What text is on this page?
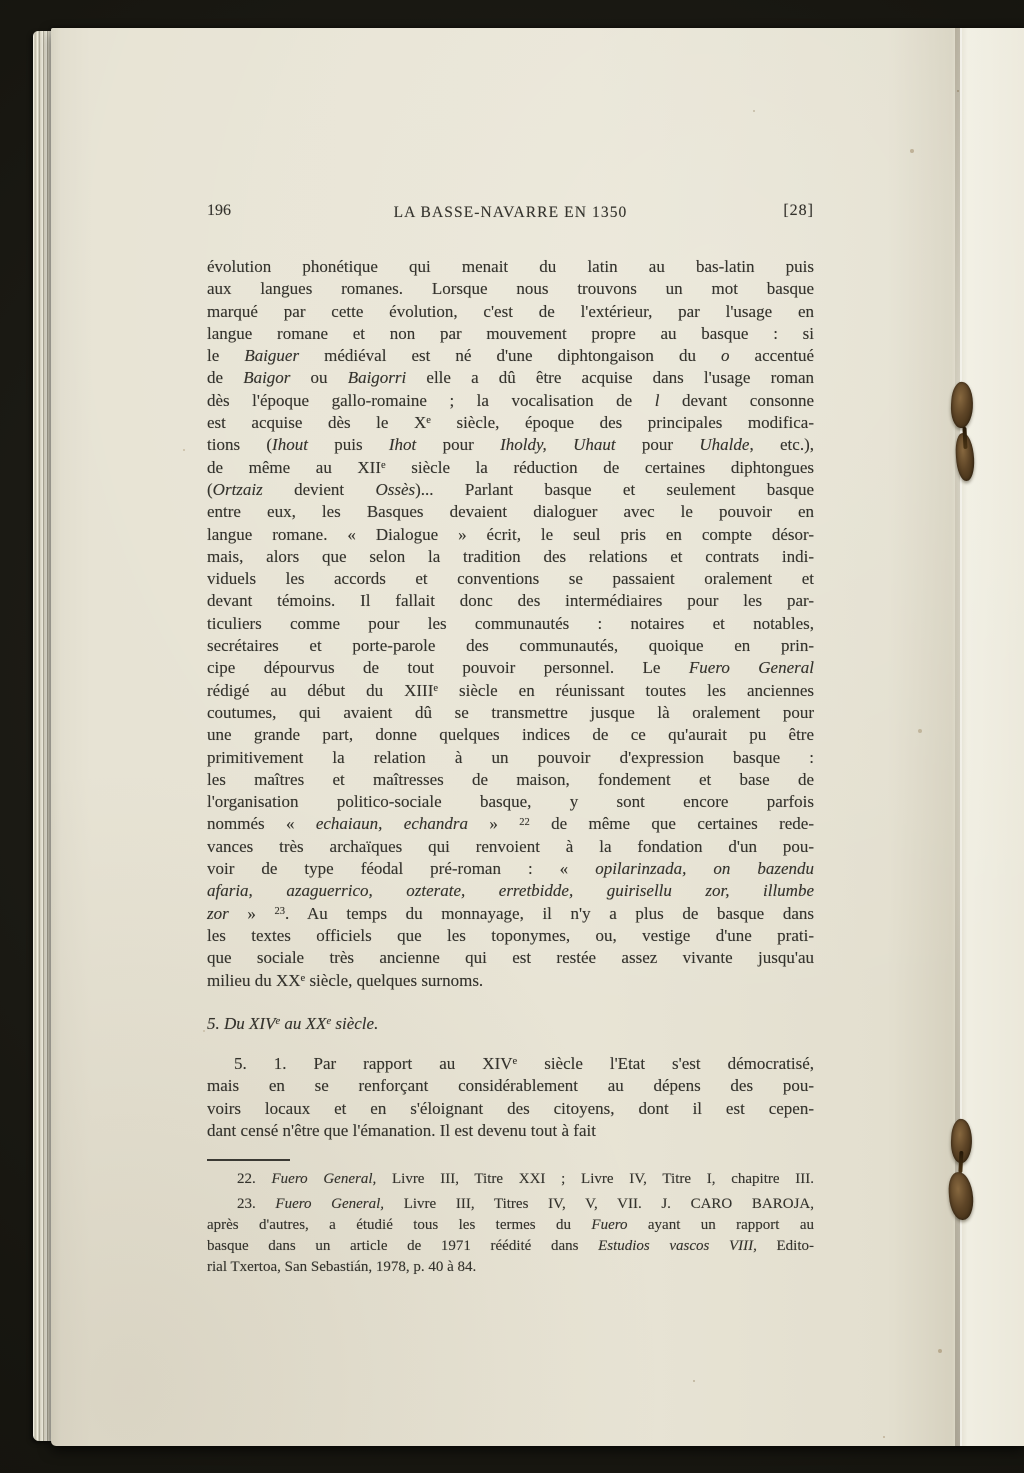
196	LA BASSE-NAVARRE EN 1350	[28]
évolution phonétique qui menait du latin au bas-latin puis
aux langues romanes. Lorsque nous trouvons un mot basque
marqué par cette évolution, c'est de l'extérieur, par l'usage en
langue romane et non par mouvement propre au basque : si
le Baiguer médiéval est né d'une diphtongaison du o accentué
de Baigor ou Baigorri elle a dû être acquise dans l'usage roman
dès l'époque gallo-romaine ; la vocalisation de l devant consonne
est acquise dès le Xe siècle, époque des principales modifica-
tions (Ihout puis Ihot pour Iholdy, Uhaut pour Uhalde, etc.),
de même au XIIe siècle la réduction de certaines diphtongues
(Ortzaiz devient Ossès)... Parlant basque et seulement basque
entre eux, les Basques devaient dialoguer avec le pouvoir en
langue romane. « Dialogue » écrit, le seul pris en compte désor-
mais, alors que selon la tradition des relations et contrats indi-
viduels les accords et conventions se passaient oralement et
devant témoins. Il fallait donc des intermédiaires pour les par-
ticuliers comme pour les communautés : notaires et notables,
secrétaires et porte-parole des communautés, quoique en prin-
cipe dépourvus de tout pouvoir personnel. Le Fuero General
rédigé au début du XIIIe siècle en réunissant toutes les anciennes
coutumes, qui avaient dû se transmettre jusque là oralement pour
une grande part, donne quelques indices de ce qu'aurait pu être
primitivement la relation à un pouvoir d'expression basque :
les maîtres et maîtresses de maison, fondement et base de
l'organisation politico-sociale basque, y sont encore parfois
nommés « echaiaun, echandra » $^{22}$ de même que certaines rede-
vances très archaïques qui renvoient à la fondation d'un pou-
voir de type féodal pré-roman : « opilarinzada, on bazendu
afaria, azaguerrico, ozterate, erretbidde, guirisellu zor, illumbe
zor » $^{23}$. Au temps du monnayage, il n'y a plus de basque dans
les textes officiels que les toponymes, ou, vestige d'une prati-
que sociale très ancienne qui est restée assez vivante jusqu'au
milieu du XXe siècle, quelques surnoms.
5. Du XIVe au XXe siècle.
5. 1. Par rapport au XIVe siècle l'Etat s'est démocratisé,
mais en se renforçant considérablement au dépens des pou-
voirs locaux et en s'éloignant des citoyens, dont il est cepen-
dant censé n'être que l'émanation. Il est devenu tout à fait
22. Fuero General, Livre III, Titre XXI ; Livre IV, Titre I, chapitre III.
23. Fuero General, Livre III, Titres IV, V, VII. J. CARO BAROJA,
après d'autres, a étudié tous les termes du Fuero ayant un rapport au
basque dans un article de 1971 réédité dans Estudios vascos VIII, Edito-
rial Txertoa, San Sebastián, 1978, p. 40 à 84.
